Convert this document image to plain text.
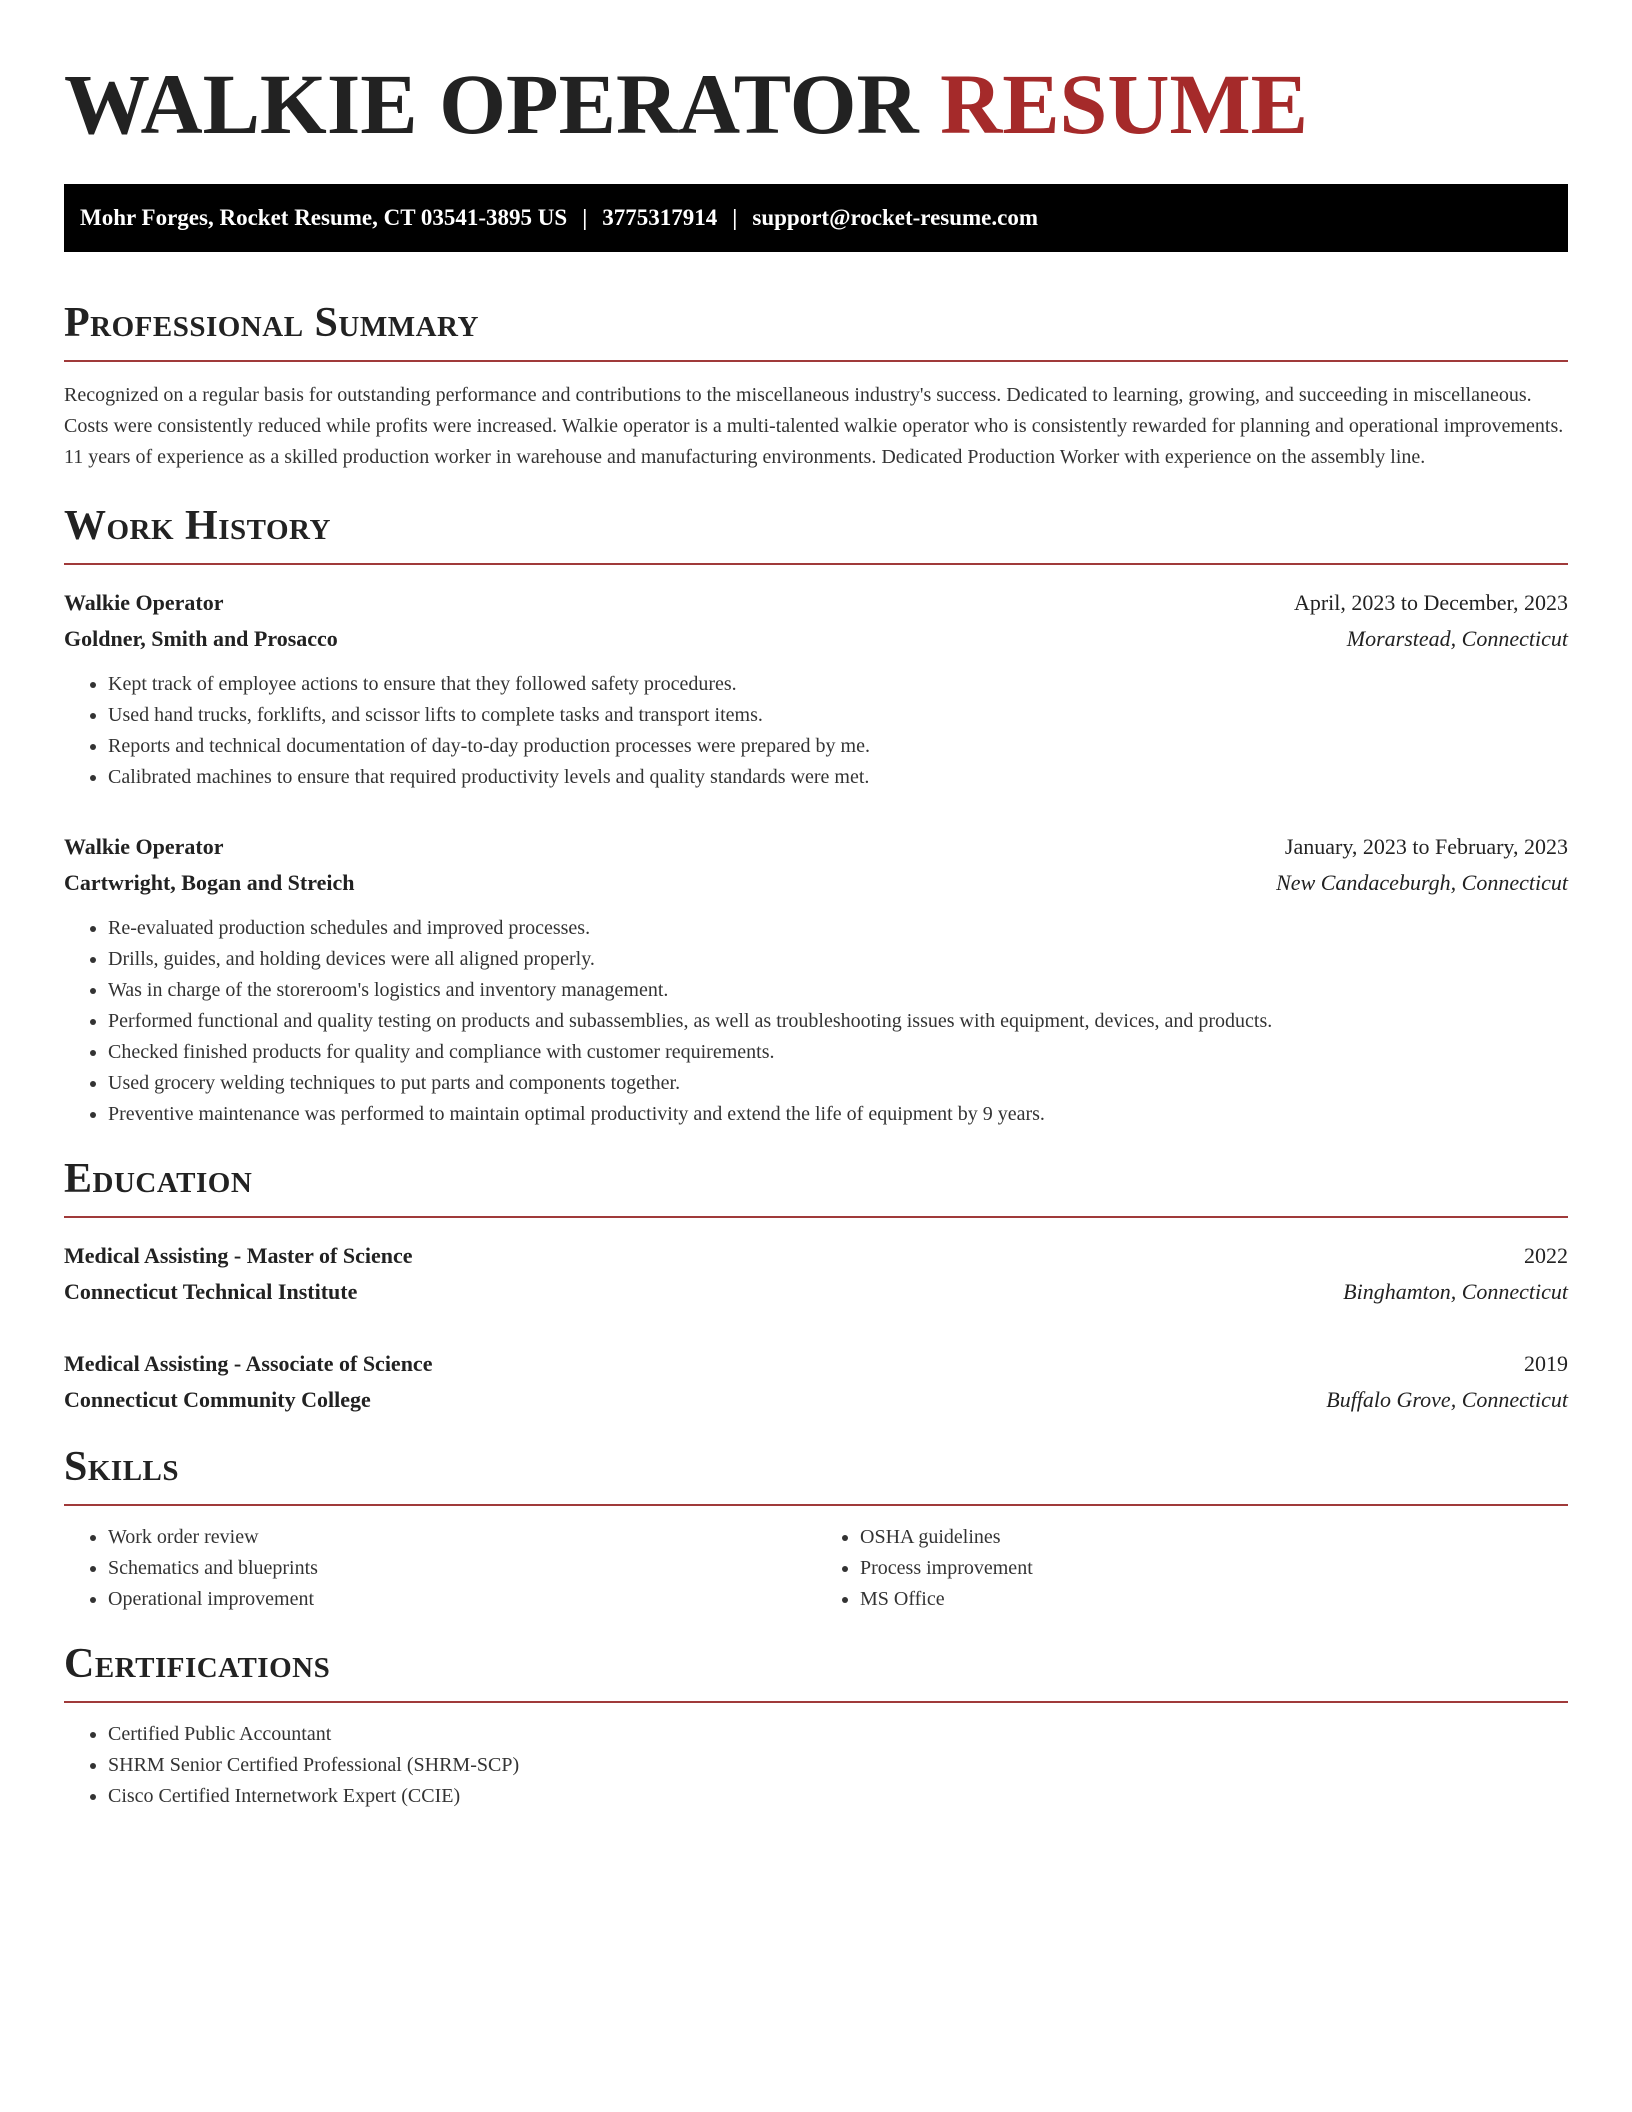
WALKIE OPERATOR RESUME
Mohr Forges, Rocket Resume, CT 03541-3895 US | 3775317914 | support@rocket-resume.com
Professional Summary

Recognized on a regular basis for outstanding performance and contributions to the miscellaneous industry's success. Dedicated to learning, growing, and succeeding in miscellaneous. Costs were consistently reduced while profits were increased. Walkie operator is a multi-talented walkie operator who is consistently rewarded for planning and operational improvements. 11 years of experience as a skilled production worker in warehouse and manufacturing environments. Dedicated Production Worker with experience on the assembly line.

Work History
Walkie Operator	April, 2023 to December, 2023
Goldner, Smith and Prosacco	Morarstead, Connecticut
• Kept track of employee actions to ensure that they followed safety procedures.
• Used hand trucks, forklifts, and scissor lifts to complete tasks and transport items.
• Reports and technical documentation of day-to-day production processes were prepared by me.
• Calibrated machines to ensure that required productivity levels and quality standards were met.
Walkie Operator	January, 2023 to February, 2023
Cartwright, Bogan and Streich	New Candaceburgh, Connecticut
• Re-evaluated production schedules and improved processes.
• Drills, guides, and holding devices were all aligned properly.
• Was in charge of the storeroom's logistics and inventory management.
• Performed functional and quality testing on products and subassemblies, as well as troubleshooting issues with equipment, devices, and products.
• Checked finished products for quality and compliance with customer requirements.
• Used grocery welding techniques to put parts and components together.
• Preventive maintenance was performed to maintain optimal productivity and extend the life of equipment by 9 years.
Education
Medical Assisting - Master of Science	2022
Connecticut Technical Institute	Binghamton, Connecticut
Medical Assisting - Associate of Science	2019
Connecticut Community College	Buffalo Grove, Connecticut
Skills
• Work order review
• Schematics and blueprints
• Operational improvement
• OSHA guidelines
• Process improvement
• MS Office
Certifications
• Certified Public Accountant
• SHRM Senior Certified Professional (SHRM-SCP)
• Cisco Certified Internetwork Expert (CCIE)
